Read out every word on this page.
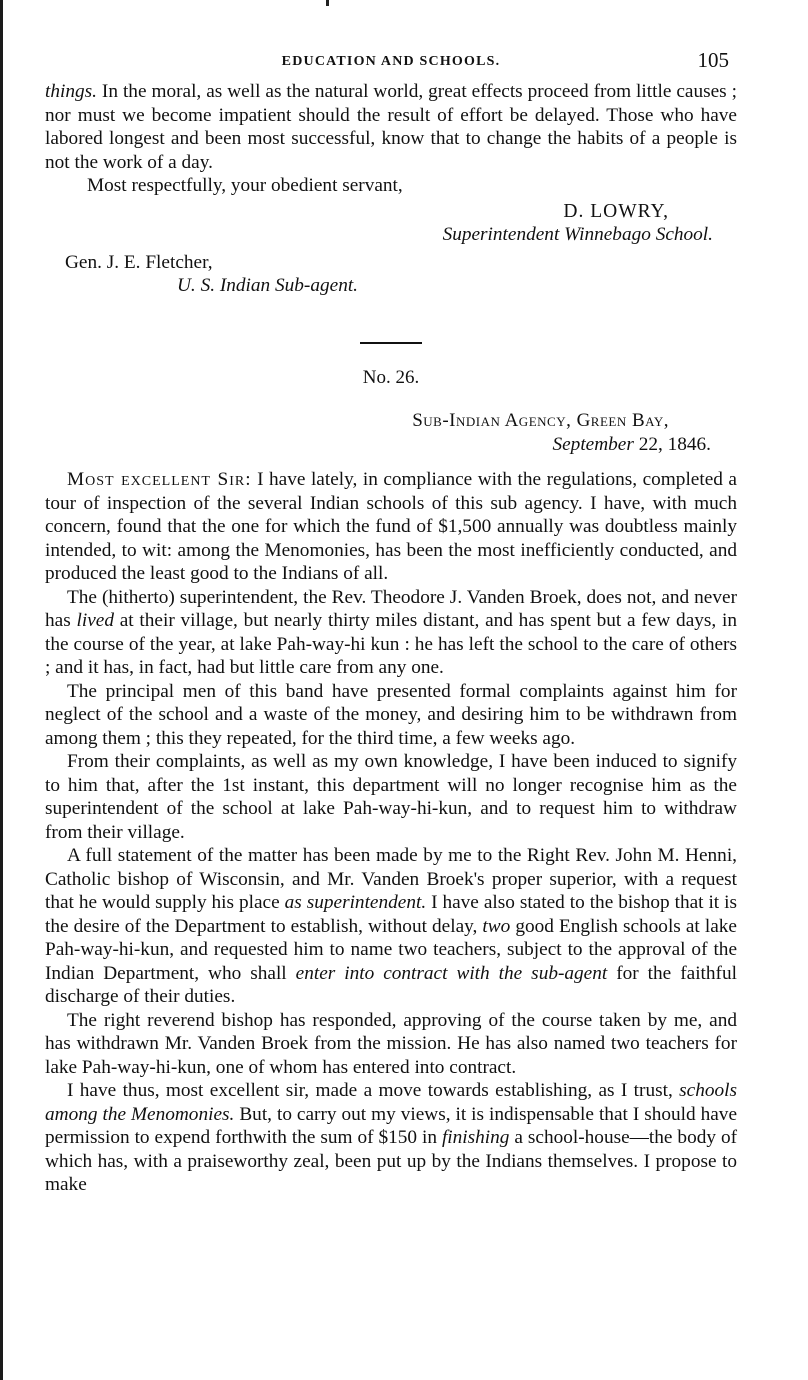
EDUCATION AND SCHOOLS.	105

things. In the moral, as well as the natural world, great effects proceed from little causes ; nor must we become impatient should the result of effort be delayed. Those who have labored longest and been most successful, know that to change the habits of a people is not the work of a day.

Most respectfully, your obedient servant,

D. LOWRY,

Superintendent Winnebago School.

Gen. J. E. Fletcher,

U. S. Indian Sub-agent.

No. 26.

Sub-Indian Agency, Green Bay,

September 22, 1846.

Most excellent Sir: I have lately, in compliance with the regulations, completed a tour of inspection of the several Indian schools of this sub agency. I have, with much concern, found that the one for which the fund of $1,500 annually was doubtless mainly intended, to wit: among the Menomonies, has been the most inefficiently conducted, and produced the least good to the Indians of all.

The (hitherto) superintendent, the Rev. Theodore J. Vanden Broek, does not, and never has lived at their village, but nearly thirty miles distant, and has spent but a few days, in the course of the year, at lake Pah-way-hi kun : he has left the school to the care of others ; and it has, in fact, had but little care from any one.

The principal men of this band have presented formal complaints against him for neglect of the school and a waste of the money, and desiring him to be withdrawn from among them ; this they repeated, for the third time, a few weeks ago.

From their complaints, as well as my own knowledge, I have been induced to signify to him that, after the 1st instant, this department will no longer recognise him as the superintendent of the school at lake Pah-way-hi-kun, and to request him to withdraw from their village.

A full statement of the matter has been made by me to the Right Rev. John M. Henni, Catholic bishop of Wisconsin, and Mr. Vanden Broek's proper superior, with a request that he would supply his place as superintendent. I have also stated to the bishop that it is the desire of the Department to establish, without delay, two good English schools at lake Pah-way-hi-kun, and requested him to name two teachers, subject to the approval of the Indian Department, who shall enter into contract with the sub-agent for the faithful discharge of their duties.

The right reverend bishop has responded, approving of the course taken by me, and has withdrawn Mr. Vanden Broek from the mission. He has also named two teachers for lake Pah-way-hi-kun, one of whom has entered into contract.

I have thus, most excellent sir, made a move towards establishing, as I trust, schools among the Menomonies. But, to carry out my views, it is indispensable that I should have permission to expend forthwith the sum of $150 in finishing a school-house—the body of which has, with a praiseworthy zeal, been put up by the Indians themselves. I propose to make
